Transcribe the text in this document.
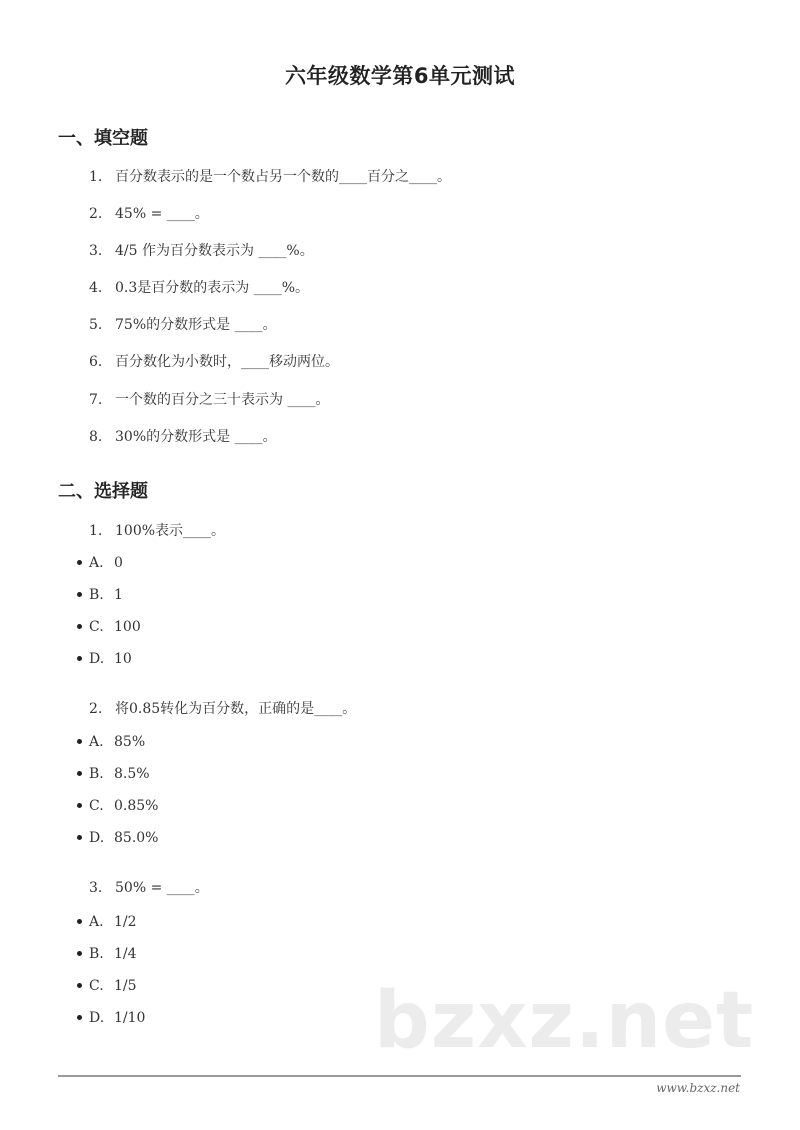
六年级数学第6单元测试
一、填空题
1. 百分数表示的是一个数占另一个数的____百分之____。
2. 45% = ____。
3. 4/5 作为百分数表示为 ____%。
4. 0.3是百分数的表示为 ____%。
5. 75%的分数形式是 ____。
6. 百分数化为小数时，____移动两位。
7. 一个数的百分之三十表示为 ____。
8. 30%的分数形式是 ____。
二、选择题
1. 100%表示____。
A. 0
B. 1
C. 100
D. 10
2. 将0.85转化为百分数，正确的是____。
A. 85%
B. 8.5%
C. 0.85%
D. 85.0%
3. 50% = ____。
A. 1/2
B. 1/4
C. 1/5
D. 1/10	bzxz.net
www.bzxz.net
